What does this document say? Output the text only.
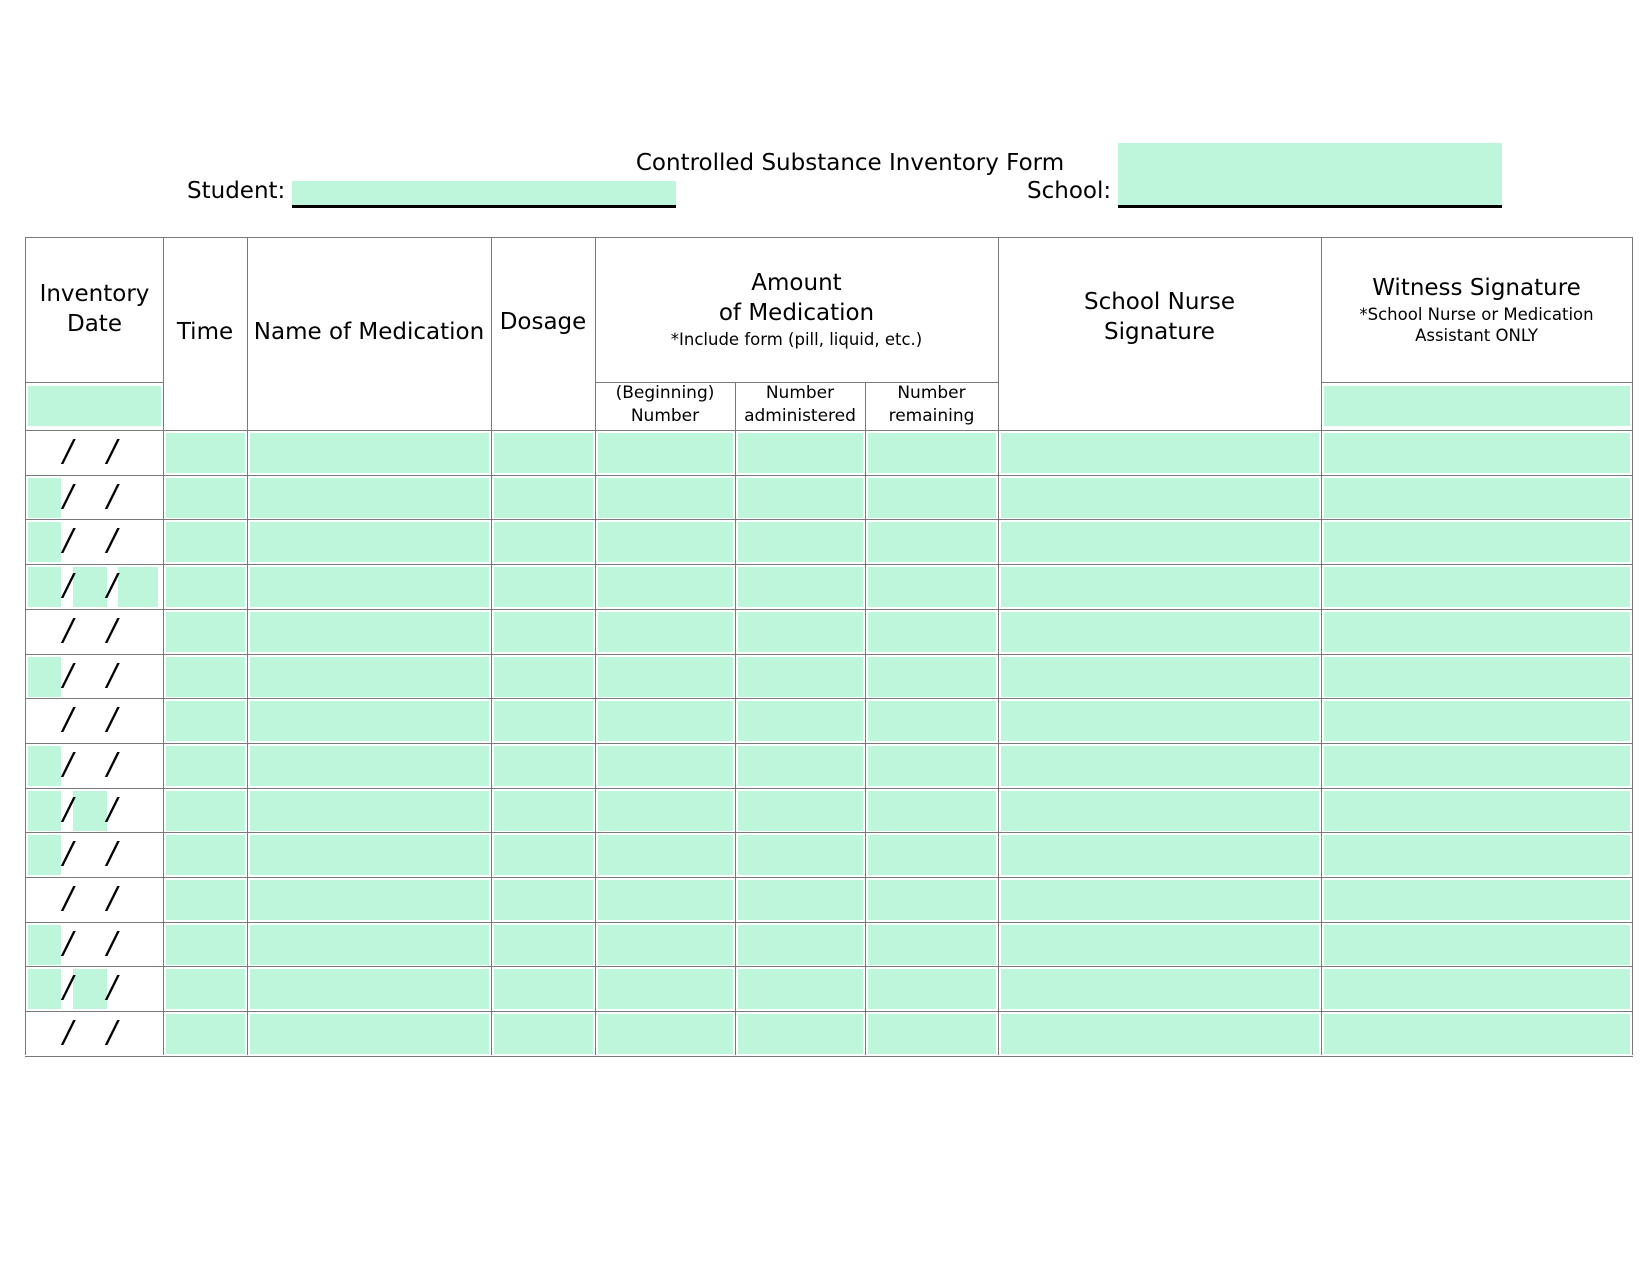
Controlled Substance Inventory Form
Student:	School:
Inventory
Date	Time Name of Medication Dosage
Amount
of Medication
*Include form (pill, liquid, etc.)
(Beginning)
Number
Number
administered
Number
remaining
School Nurse
Signature
Witness Signature
*School Nurse or Medication
Assistant ONLY
/ /
/ /
/ /
/ /
/ /
/ /
/ /
/ /
/ /
/ /
/ /
/ /
/ /
/ /
